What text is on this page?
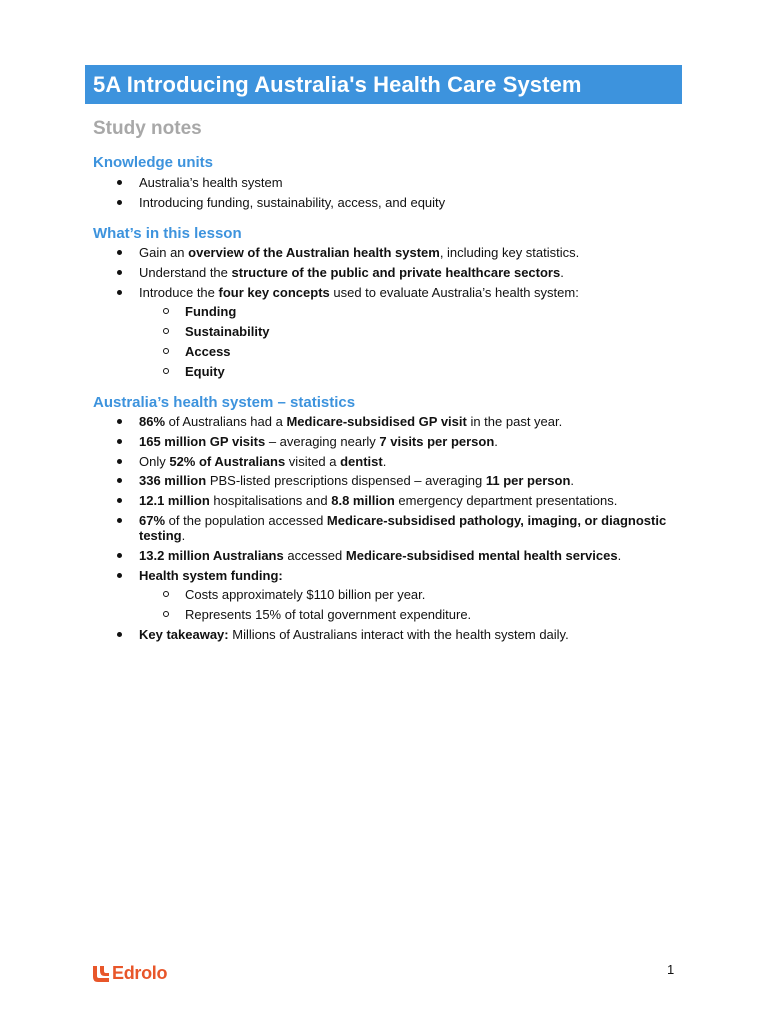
5A Introducing Australia's Health Care System
Study notes
Knowledge units
Australia’s health system
Introducing funding, sustainability, access, and equity
What’s in this lesson
Gain an overview of the Australian health system, including key statistics.
Understand the structure of the public and private healthcare sectors.
Introduce the four key concepts used to evaluate Australia’s health system:
Funding
Sustainability
Access
Equity
Australia’s health system – statistics
86% of Australians had a Medicare-subsidised GP visit in the past year.
165 million GP visits – averaging nearly 7 visits per person.
Only 52% of Australians visited a dentist.
336 million PBS-listed prescriptions dispensed – averaging 11 per person.
12.1 million hospitalisations and 8.8 million emergency department presentations.
67% of the population accessed Medicare-subsidised pathology, imaging, or diagnostic testing.
13.2 million Australians accessed Medicare-subsidised mental health services.
Health system funding:
Costs approximately $110 billion per year.
Represents 15% of total government expenditure.
Key takeaway: Millions of Australians interact with the health system daily.
Edrolo	1
